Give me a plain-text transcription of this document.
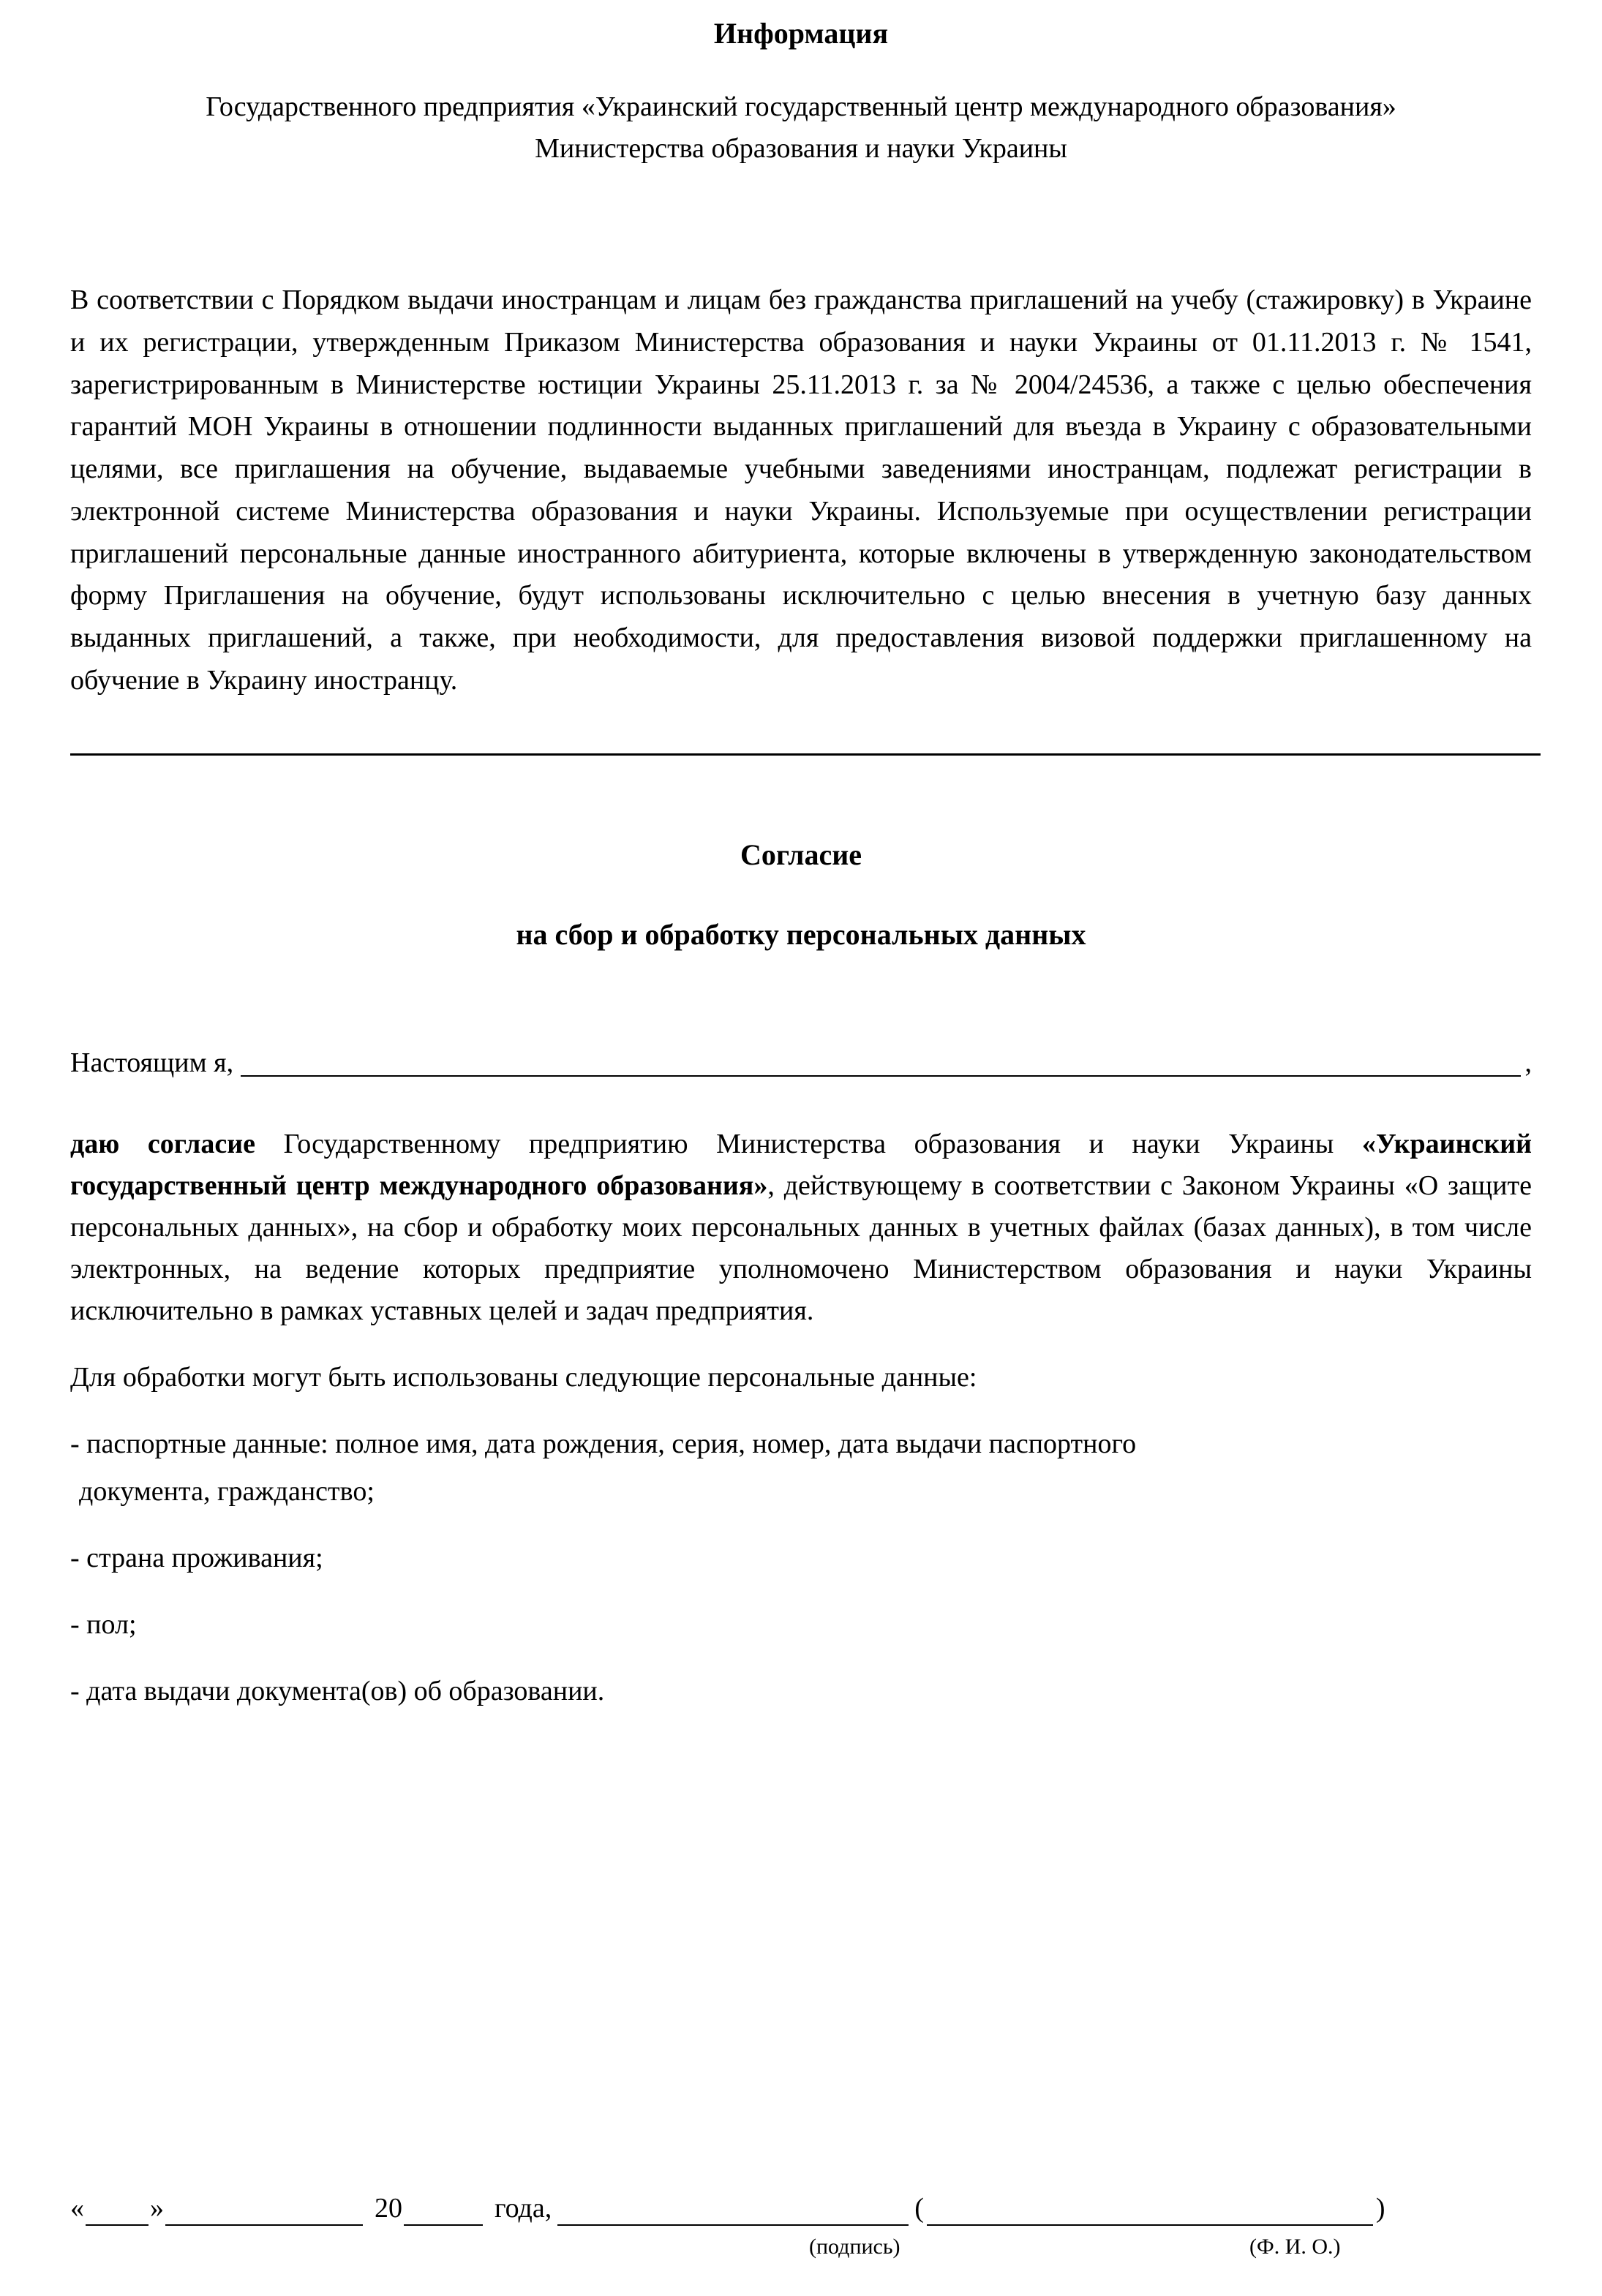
Информация
Государственного предприятия «Украинский государственный центр международного образования» Министерства образования и науки Украины

В соответствии с Порядком выдачи иностранцам и лицам без гражданства приглашений на учебу (стажировку) в Украине и их регистрации, утвержденным Приказом Министерства образования и науки Украины от 01.11.2013 г. № 1541, зарегистрированным в Министерстве юстиции Украины 25.11.2013 г. за № 2004/24536, а также с целью обеспечения гарантий МОН Украины в отношении подлинности выданных приглашений для въезда в Украину с образовательными целями, все приглашения на обучение, выдаваемые учебными заведениями иностранцам, подлежат регистрации в электронной системе Министерства образования и науки Украины. Используемые при осуществлении регистрации приглашений персональные данные иностранного абитуриента, которые включены в утвержденную законодательством форму Приглашения на обучение, будут использованы исключительно с целью внесения в учетную базу данных выданных приглашений, а также, при необходимости, для предоставления визовой поддержки приглашенному на обучение в Украину иностранцу.

Согласие
на сбор и обработку персональных данных
Настоящим я,	,

даю согласие Государственному предприятию Министерства образования и науки Украины «Украинский государственный центр международного образования», действующему в соответствии с Законом Украины «О защите персональных данных», на сбор и обработку моих персональных данных в учетных файлах (базах данных), в том числе электронных, на ведение которых предприятие уполномочено Министерством образования и науки Украины исключительно в рамках уставных целей и задач предприятия.

Для обработки могут быть использованы следующие персональные данные:

- паспортные данные: полное имя, дата рождения, серия, номер, дата выдачи паспортного

документа, гражданство;

- страна проживания;

- пол;

- дата выдачи документа(ов) об образовании.

« »	20	года,	(	)
(подпись)	(Ф. И. О.)
